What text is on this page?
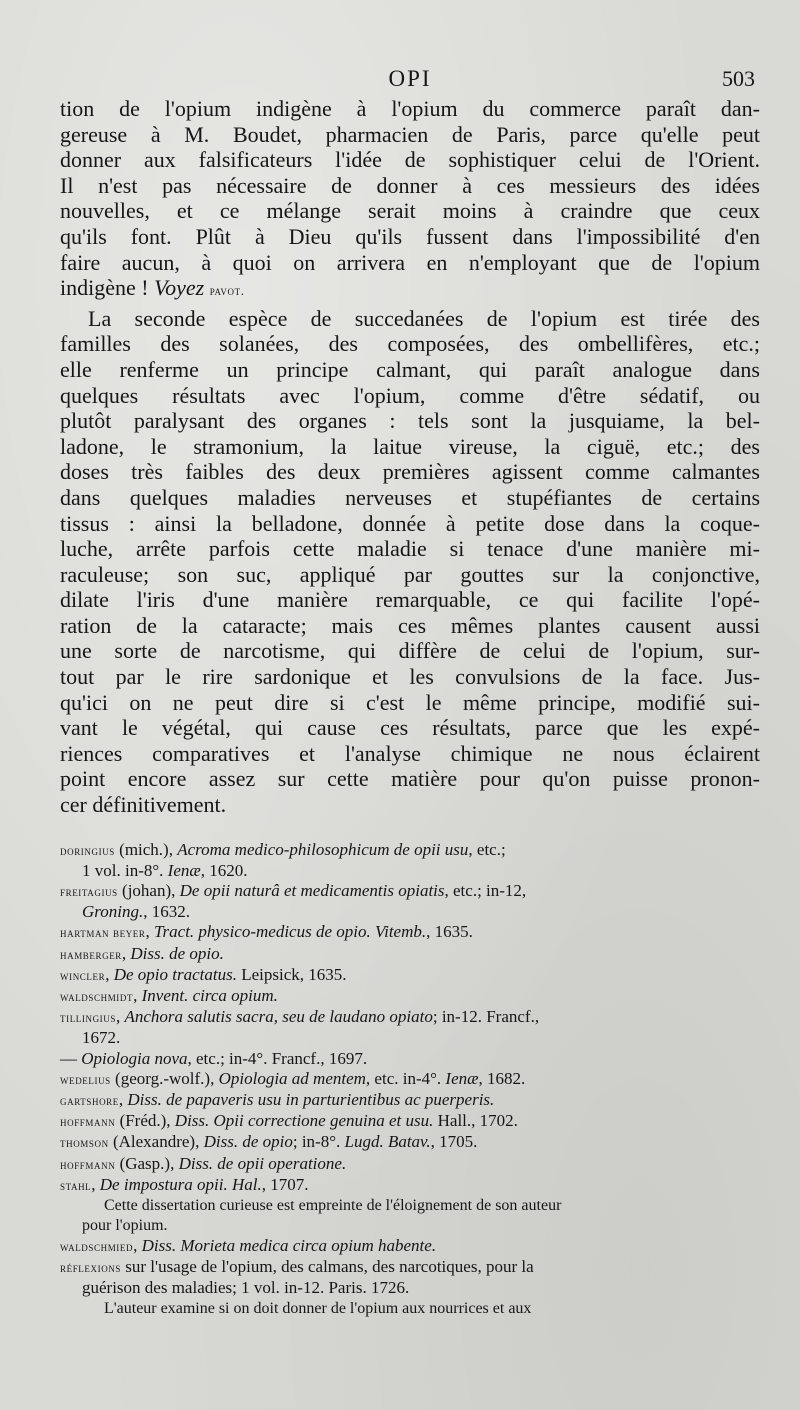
OPI	503

tion de l'opium indigène à l'opium du commerce paraît dan-
gereuse à M. Boudet, pharmacien de Paris, parce qu'elle peut
donner aux falsificateurs l'idée de sophistiquer celui de l'Orient.
Il n'est pas nécessaire de donner à ces messieurs des idées
nouvelles, et ce mélange serait moins à craindre que ceux
qu'ils font. Plût à Dieu qu'ils fussent dans l'impossibilité d'en
faire aucun, à quoi on arrivera en n'employant que de l'opium
indigène ! Voyez pavot.

La seconde espèce de succedanées de l'opium est tirée des
familles des solanées, des composées, des ombellifères, etc.;
elle renferme un principe calmant, qui paraît analogue dans
quelques résultats avec l'opium, comme d'être sédatif, ou
plutôt paralysant des organes : tels sont la jusquiame, la bel-
ladone, le stramonium, la laitue vireuse, la ciguë, etc.; des
doses très faibles des deux premières agissent comme calmantes
dans quelques maladies nerveuses et stupéfiantes de certains
tissus : ainsi la belladone, donnée à petite dose dans la coque-
luche, arrête parfois cette maladie si tenace d'une manière mi-
raculeuse; son suc, appliqué par gouttes sur la conjonctive,
dilate l'iris d'une manière remarquable, ce qui facilite l'opé-
ration de la cataracte; mais ces mêmes plantes causent aussi
une sorte de narcotisme, qui diffère de celui de l'opium, sur-
tout par le rire sardonique et les convulsions de la face. Jus-
qu'ici on ne peut dire si c'est le même principe, modifié sui-
vant le végétal, qui cause ces résultats, parce que les expé-
riences comparatives et l'analyse chimique ne nous éclairent
point encore assez sur cette matière pour qu'on puisse pronon-
cer définitivement.

doringius (mich.), Acroma medico-philosophicum de opii usu, etc.;
1 vol. in-8°. Ienæ, 1620.
freitagius (johan), De opii naturâ et medicamentis opiatis, etc.; in-12,
Groning., 1632.
hartman beyer, Tract. physico-medicus de opio. Vitemb., 1635.
hamberger, Diss. de opio.
wincler, De opio tractatus. Leipsick, 1635.
waldschmidt, Invent. circa opium.
tillingius, Anchora salutis sacra, seu de laudano opiato; in-12. Francf.,
1672.
— Opiologia nova, etc.; in-4°. Francf., 1697.
wedelius (georg.-wolf.), Opiologia ad mentem, etc. in-4°. Ienæ, 1682.
gartshore, Diss. de papaveris usu in parturientibus ac puerperis.
hoffmann (Fréd.), Diss. Opii correctione genuina et usu. Hall., 1702.
thomson (Alexandre), Diss. de opio; in-8°. Lugd. Batav., 1705.
hoffmann (Gasp.), Diss. de opii operatione.
stahl, De impostura opii. Hal., 1707.
Cette dissertation curieuse est empreinte de l'éloignement de son auteur
pour l'opium.
waldschmied, Diss. Morieta medica circa opium habente.
réflexions sur l'usage de l'opium, des calmans, des narcotiques, pour la
guérison des maladies; 1 vol. in-12. Paris. 1726.
L'auteur examine si on doit donner de l'opium aux nourrices et aux
